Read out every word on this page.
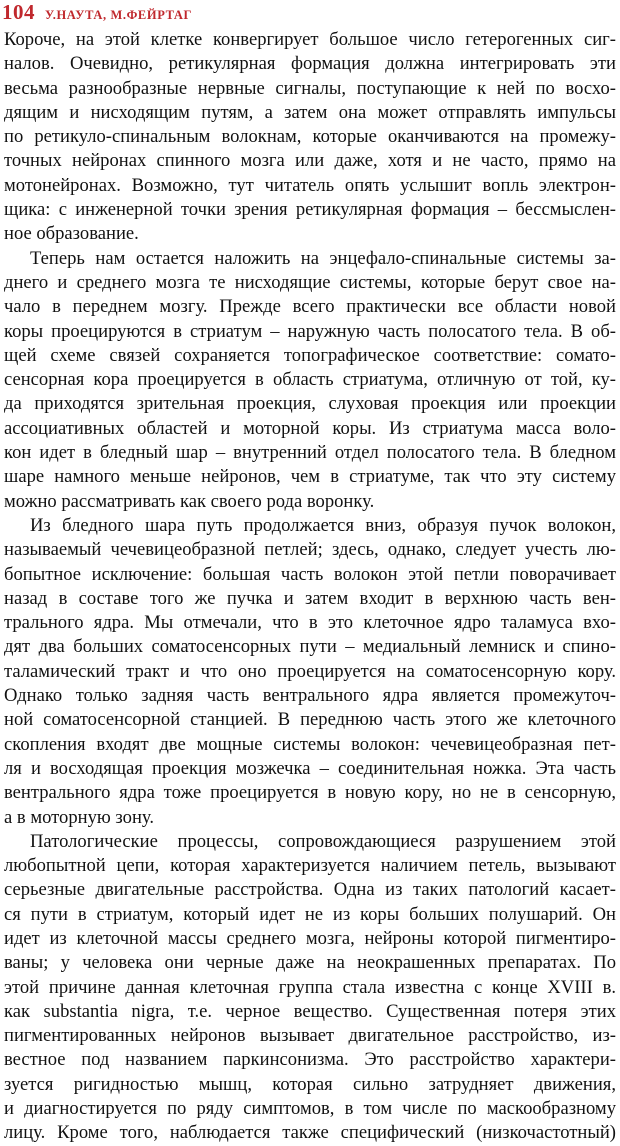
104 У.НАУТА, М.ФЕЙРТАГ
Короче, на этой клетке конвергирует большое число гетерогенных сиг-
налов. Очевидно, ретикулярная формация должна интегрировать эти
весьма разнообразные нервные сигналы, поступающие к ней по восхо-
дящим и нисходящим путям, а затем она может отправлять импульсы
по ретикуло-спинальным волокнам, которые оканчиваются на промежу-
точных нейронах спинного мозга или даже, хотя и не часто, прямо на
мотонейронах. Возможно, тут читатель опять услышит вопль электрон-
щика: с инженерной точки зрения ретикулярная формация – бессмыслен-
ное образование.
Теперь нам остается наложить на энцефало-спинальные системы за-
днего и среднего мозга те нисходящие системы, которые берут свое на-
чало в переднем мозгу. Прежде всего практически все области новой
коры проецируются в стриатум – наружную часть полосатого тела. В об-
щей схеме связей сохраняется топографическое соответствие: сомато-
сенсорная кора проецируется в область стриатума, отличную от той, ку-
да приходятся зрительная проекция, слуховая проекция или проекции
ассоциативных областей и моторной коры. Из стриатума масса воло-
кон идет в бледный шар – внутренний отдел полосатого тела. В бледном
шаре намного меньше нейронов, чем в стриатуме, так что эту систему
можно рассматривать как своего рода воронку.
Из бледного шара путь продолжается вниз, образуя пучок волокон,
называемый чечевицеобразной петлей; здесь, однако, следует учесть лю-
бопытное исключение: большая часть волокон этой петли поворачивает
назад в составе того же пучка и затем входит в верхнюю часть вен-
трального ядра. Мы отмечали, что в это клеточное ядро таламуса вхо-
дят два больших соматосенсорных пути – медиальный лемниск и спино-
таламический тракт и что оно проецируется на соматосенсорную кору.
Однако только задняя часть вентрального ядра является промежуточ-
ной соматосенсорной станцией. В переднюю часть этого же клеточного
скопления входят две мощные системы волокон: чечевицеобразная пет-
ля и восходящая проекция мозжечка – соединительная ножка. Эта часть
вентрального ядра тоже проецируется в новую кору, но не в сенсорную,
а в моторную зону.
Патологические процессы, сопровождающиеся разрушением этой
любопытной цепи, которая характеризуется наличием петель, вызывают
серьезные двигательные расстройства. Одна из таких патологий касает-
ся пути в стриатум, который идет не из коры больших полушарий. Он
идет из клеточной массы среднего мозга, нейроны которой пигментиро-
ваны; у человека они черные даже на неокрашенных препаратах. По
этой причине данная клеточная группа стала известна с конце XVIII в.
как substantia nigra, т.е. черное вещество. Существенная потеря этих
пигментированных нейронов вызывает двигательное расстройство, из-
вестное под названием паркинсонизма. Это расстройство характери-
зуется ригидностью мышц, которая сильно затрудняет движения,
и диагностируется по ряду симптомов, в том числе по маскообразному
лицу. Кроме того, наблюдается также специфический (низкочастотный)
